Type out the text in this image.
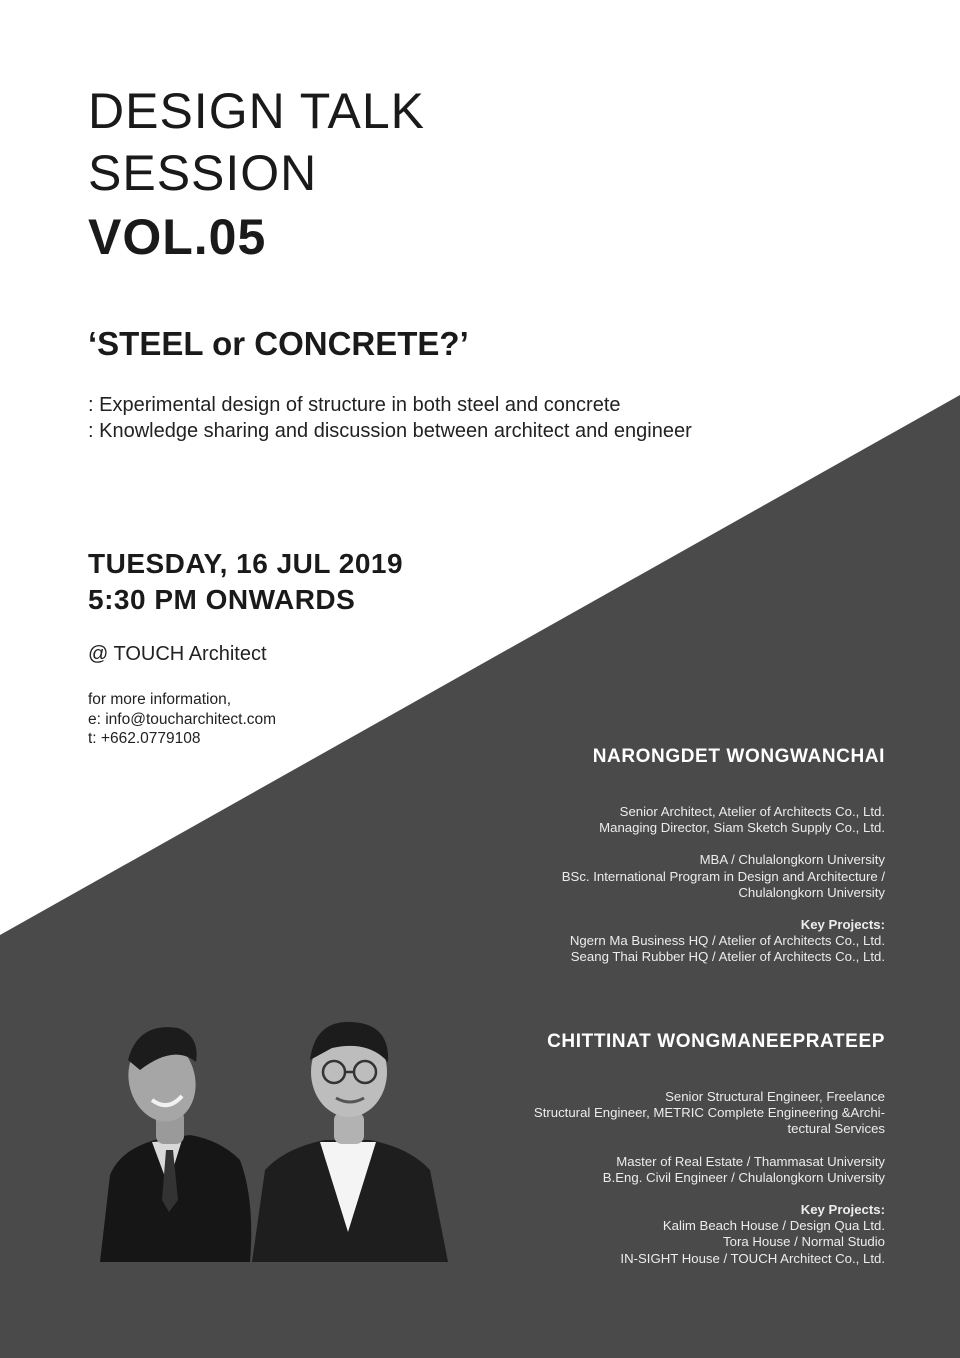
DESIGN TALK
SESSION
VOL.05
‘STEEL or CONCRETE?’
: Experimental design of structure in both steel and concrete
: Knowledge sharing and discussion between architect and engineer
TUESDAY, 16 JUL 2019
5:30 PM ONWARDS
@ TOUCH Architect
for more information,
e: info@toucharchitect.com
t: +662.0779108
NARONGDET WONGWANCHAI
Senior Architect, Atelier of Architects Co., Ltd.
Managing Director, Siam Sketch Supply Co., Ltd.
MBA / Chulalongkorn University
BSc. International Program in Design and Architecture /
Chulalongkorn University
Key Projects:
Ngern Ma Business HQ / Atelier of Architects Co., Ltd.
Seang Thai Rubber HQ / Atelier of Architects Co., Ltd.
CHITTINAT WONGMANEEPRATEEP
Senior Structural Engineer, Freelance
Structural Engineer, METRIC Complete Engineering &Archi-
tectural Services
Master of Real Estate / Thammasat University
B.Eng. Civil Engineer / Chulalongkorn University
Key Projects:
Kalim Beach House / Design Qua Ltd.
Tora House / Normal Studio
IN-SIGHT House / TOUCH Architect Co., Ltd.
